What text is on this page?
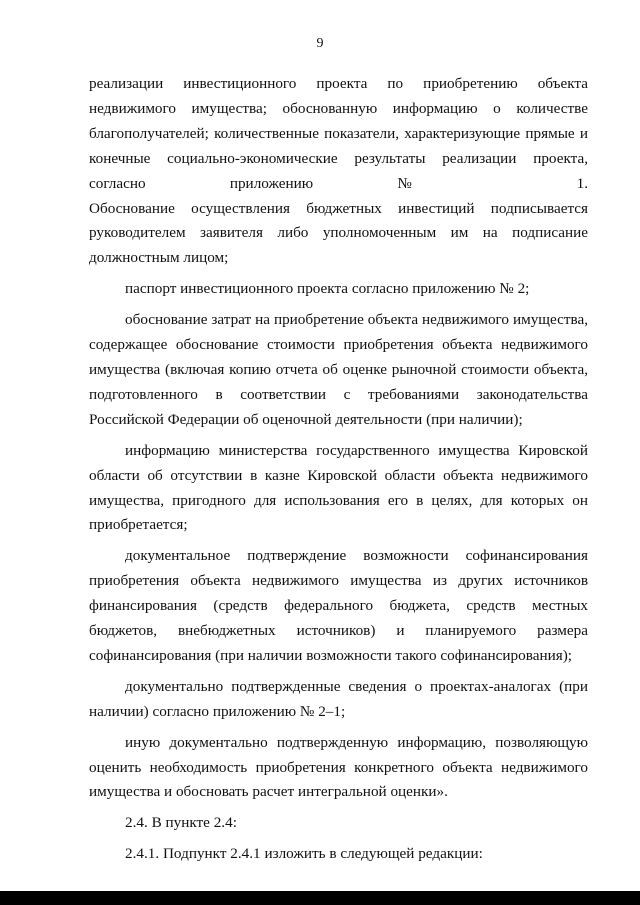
9

реализации инвестиционного проекта по приобретению объекта недвижимого имущества; обоснованную информацию о количестве благополучателей; количественные показатели, характеризующие прямые и конечные социально-экономические результаты реализации проекта, согласно приложению № 1.

Обоснование осуществления бюджетных инвестиций подписывается руководителем заявителя либо уполномоченным им на подписание должностным лицом;

паспорт инвестиционного проекта согласно приложению № 2;

обоснование затрат на приобретение объекта недвижимого имущества, содержащее обоснование стоимости приобретения объекта недвижимого имущества (включая копию отчета об оценке рыночной стоимости объекта, подготовленного в соответствии с требованиями законодательства Российской Федерации об оценочной деятельности (при наличии);

информацию министерства государственного имущества Кировской области об отсутствии в казне Кировской области объекта недвижимого имущества, пригодного для использования его в целях, для которых он приобретается;

документальное подтверждение возможности софинансирования приобретения объекта недвижимого имущества из других источников финансирования (средств федерального бюджета, средств местных бюджетов, внебюджетных источников) и планируемого размера софинансирования (при наличии возможности такого софинансирования);

документально подтвержденные сведения о проектах-аналогах (при наличии) согласно приложению № 2–1;

иную документально подтвержденную информацию, позволяющую оценить необходимость приобретения конкретного объекта недвижимого имущества и обосновать расчет интегральной оценки».

2.4. В пункте 2.4:

2.4.1. Подпункт 2.4.1 изложить в следующей редакции:
